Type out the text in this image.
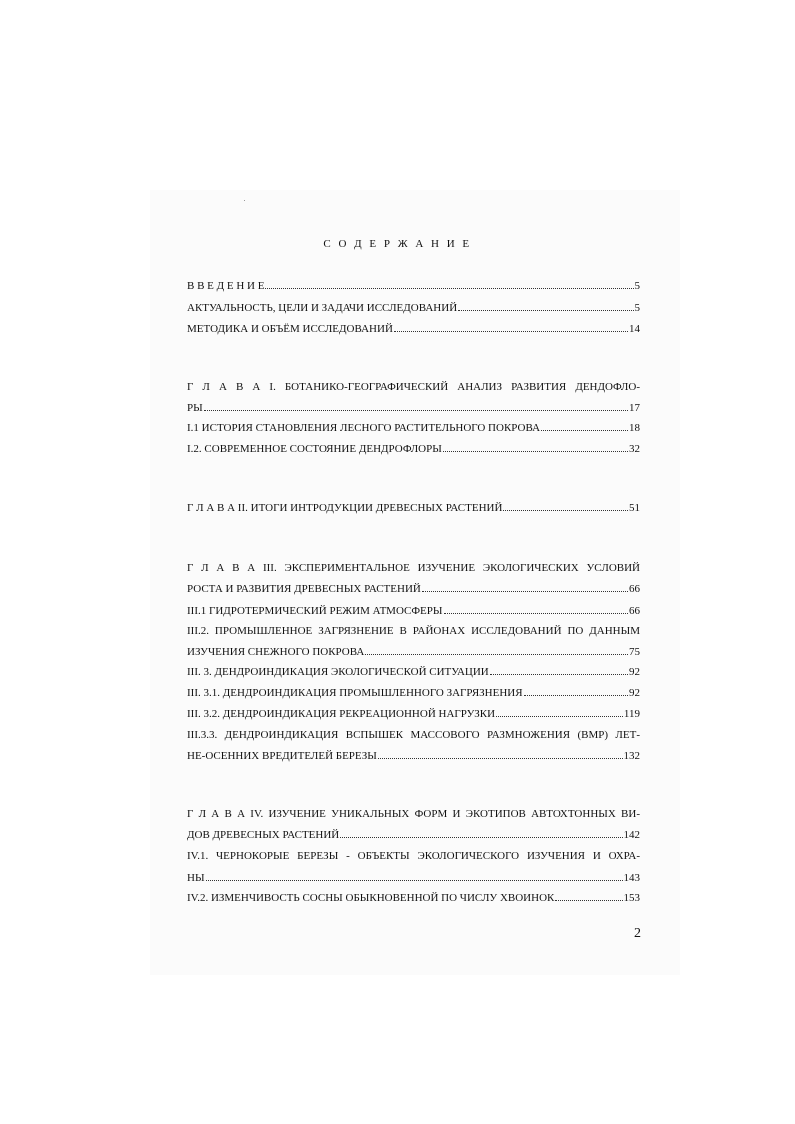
С О Д Е Р Ж А Н И Е
В В Е Д Е Н И Е	5
АКТУАЛЬНОСТЬ, ЦЕЛИ И ЗАДАЧИ ИССЛЕДОВАНИЙ	5
МЕТОДИКА И ОБЪЁМ ИССЛЕДОВАНИЙ	14
Г Л А В А I. БОТАНИКО-ГЕОГРАФИЧЕСКИЙ АНАЛИЗ РАЗВИТИЯ ДЕНДОФЛО-
РЫ	17
I.1 ИСТОРИЯ СТАНОВЛЕНИЯ ЛЕСНОГО РАСТИТЕЛЬНОГО ПОКРОВА	18
I.2. СОВРЕМЕННОЕ СОСТОЯНИЕ ДЕНДРОФЛОРЫ	32
Г Л А В А II. ИТОГИ ИНТРОДУКЦИИ ДРЕВЕСНЫХ РАСТЕНИЙ	51
Г Л А В А III. ЭКСПЕРИМЕНТАЛЬНОЕ ИЗУЧЕНИЕ ЭКОЛОГИЧЕСКИХ УСЛОВИЙ
РОСТА И РАЗВИТИЯ ДРЕВЕСНЫХ РАСТЕНИЙ	66
III.1 ГИДРОТЕРМИЧЕСКИЙ РЕЖИМ АТМОСФЕРЫ	66
III.2. ПРОМЫШЛЕННОЕ ЗАГРЯЗНЕНИЕ В РАЙОНАХ ИССЛЕДОВАНИЙ ПО ДАННЫМ
ИЗУЧЕНИЯ СНЕЖНОГО ПОКРОВА	75
III. 3. ДЕНДРОИНДИКАЦИЯ ЭКОЛОГИЧЕСКОЙ СИТУАЦИИ	92
III. 3.1. ДЕНДРОИНДИКАЦИЯ ПРОМЫШЛЕННОГО ЗАГРЯЗНЕНИЯ	92
III. 3.2. ДЕНДРОИНДИКАЦИЯ РЕКРЕАЦИОННОЙ НАГРУЗКИ	119
III.3.3. ДЕНДРОИНДИКАЦИЯ ВСПЫШЕК МАССОВОГО РАЗМНОЖЕНИЯ (ВМР) ЛЕТ-
НЕ-ОСЕННИХ ВРЕДИТЕЛЕЙ БЕРЕЗЫ	132
Г Л А В А IV. ИЗУЧЕНИЕ УНИКАЛЬНЫХ ФОРМ И ЭКОТИПОВ АВТОХТОННЫХ ВИ-
ДОВ ДРЕВЕСНЫХ РАСТЕНИЙ	142
IV.1. ЧЕРНОКОРЫЕ БЕРЕЗЫ - ОБЪЕКТЫ ЭКОЛОГИЧЕСКОГО ИЗУЧЕНИЯ И ОХРА-
НЫ	143
IV.2. ИЗМЕНЧИВОСТЬ СОСНЫ ОБЫКНОВЕННОЙ ПО ЧИСЛУ ХВОИНОК	153
2
